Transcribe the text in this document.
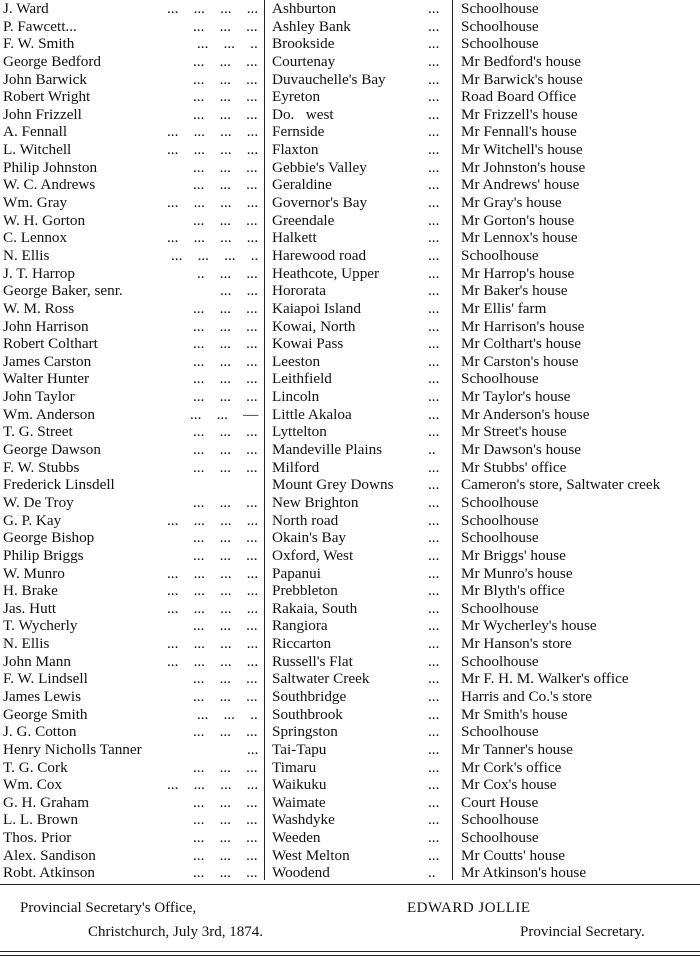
J. Ward	...    ...    ...    ... Ashburton	... Schoolhouse
P. Fawcett...	...    ...    ... Ashley Bank	... Schoolhouse
F. W. Smith	...    ...    .. Brookside	... Schoolhouse
George Bedford	...    ...    ... Courtenay	... Mr Bedford's house
John Barwick	...    ...    ... Duvauchelle's Bay	... Mr Barwick's house
Robert Wright	...    ...    ... Eyreton	... Road Board Office
John Frizzell	...    ...    ... Do.   west	... Mr Frizzell's house
A. Fennall	...    ...    ...    ... Fernside	... Mr Fennall's house
L. Witchell	...    ...    ...    ... Flaxton	... Mr Witchell's house
Philip Johnston	...    ...    ... Gebbie's Valley	... Mr Johnston's house
W. C. Andrews	...    ...    ... Geraldine	... Mr Andrews' house
Wm. Gray	...    ...    ...    ... Governor's Bay	... Mr Gray's house
W. H. Gorton	...    ...    ... Greendale	... Mr Gorton's house
C. Lennox	...    ...    ...    ... Halkett	... Mr Lennox's house
N. Ellis	...    ...    ...    .. Harewood road	... Schoolhouse
J. T. Harrop	..    ...    ... Heathcote, Upper	... Mr Harrop's house
George Baker, senr.	...    ... Hororata	... Mr Baker's house
W. M. Ross	...    ...    ... Kaiapoi Island	... Mr Ellis' farm
John Harrison	...    ...    ... Kowai, North	... Mr Harrison's house
Robert Colthart	...    ...    ... Kowai Pass	... Mr Colthart's house
James Carston	...    ...    ... Leeston	... Mr Carston's house
Walter Hunter	...    ...    ... Leithfield	... Schoolhouse
John Taylor	...    ...    ... Lincoln	... Mr Taylor's house
Wm. Anderson	...    ...    — Little Akaloa	... Mr Anderson's house
T. G. Street	...    ...    ... Lyttelton	... Mr Street's house
George Dawson	...    ...    ... Mandeville Plains	.. Mr Dawson's house
F. W. Stubbs	...    ...    ... Milford	... Mr Stubbs' office
Frederick Linsdell	Mount Grey Downs ... Cameron's store, Saltwater creek
W. De Troy	...    ...    ... New Brighton	... Schoolhouse
G. P. Kay	...    ...    ...    ... North road	... Schoolhouse
George Bishop	...    ...    ... Okain's Bay	... Schoolhouse
Philip Briggs	...    ...    ... Oxford, West	... Mr Briggs' house
W. Munro	...    ...    ...    ... Papanui	... Mr Munro's house
H. Brake	...    ...    ...    ... Prebbleton	... Mr Blyth's office
Jas. Hutt	...    ...    ...    ... Rakaia, South	... Schoolhouse
T. Wycherly	...    ...    ... Rangiora	... Mr Wycherley's house
N. Ellis	...    ...    ...    ... Riccarton	... Mr Hanson's store
John Mann	...    ...    ...    ... Russell's Flat	... Schoolhouse
F. W. Lindsell	...    ...    ... Saltwater Creek	... Mr F. H. M. Walker's office
James Lewis	...    ...    ... Southbridge	... Harris and Co.'s store
George Smith	...    ...    .. Southbrook	... Mr Smith's house
J. G. Cotton	...    ...    ... Springston	... Schoolhouse
Henry Nicholls Tanner	... Tai-Tapu	... Mr Tanner's house
T. G. Cork	...    ...    ... Timaru	... Mr Cork's office
Wm. Cox	...    ...    ...    ... Waikuku	... Mr Cox's house
G. H. Graham	...    ...    ... Waimate	... Court House
L. L. Brown	...    ...    ... Washdyke	... Schoolhouse
Thos. Prior	...    ...    ... Weeden	... Schoolhouse
Alex. Sandison	...    ...    ... West Melton	... Mr Coutts' house
Robt. Atkinson	...    ...    ... Woodend	.. Mr Atkinson's house
Provincial Secretary's Office,
Christchurch, July 3rd, 1874.
EDWARD JOLLIE
Provincial Secretary.
